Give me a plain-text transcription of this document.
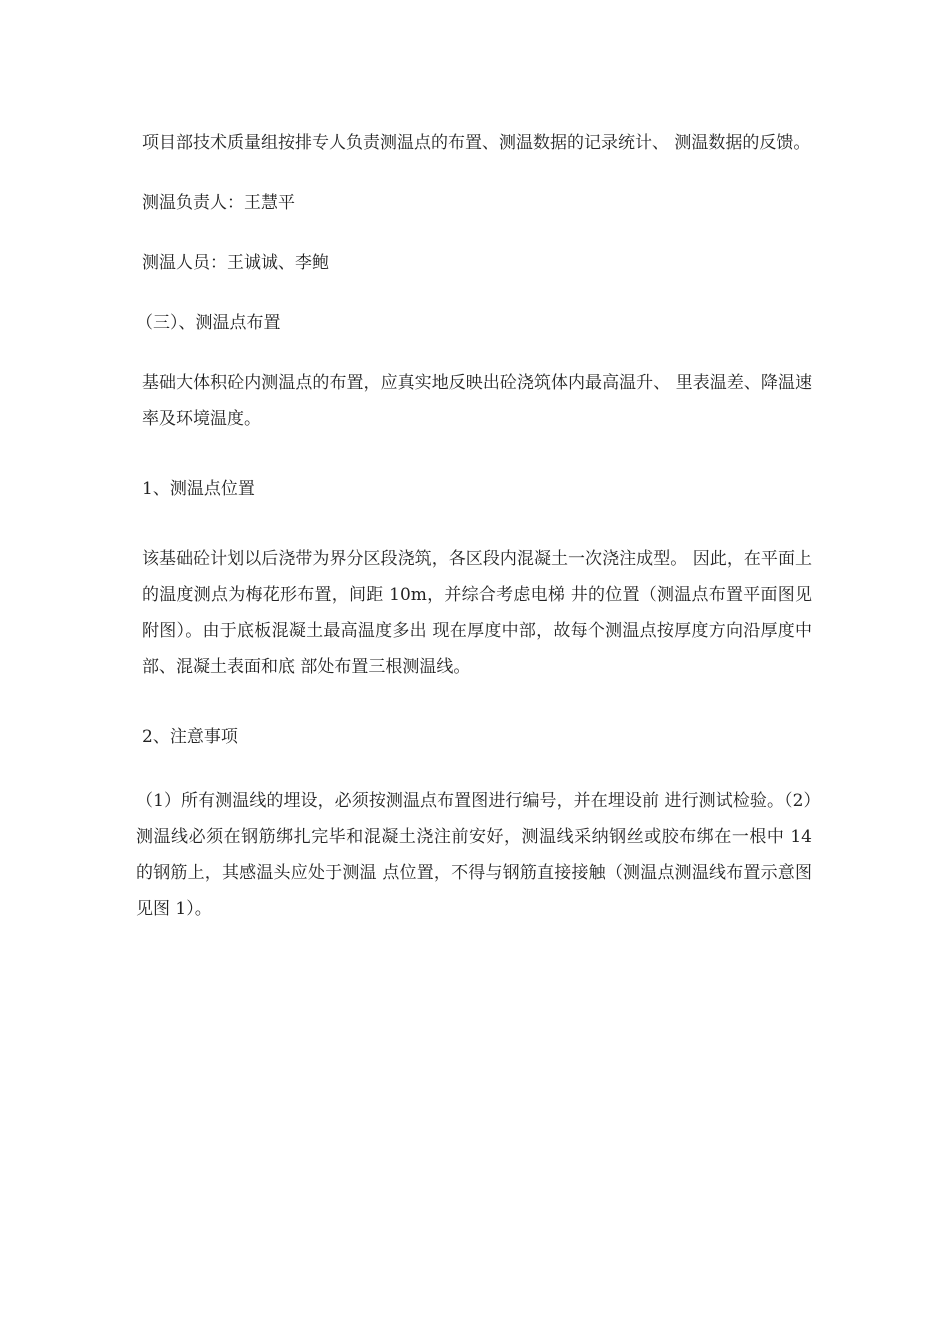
项目部技术质量组按排专人负责测温点的布置、测温数据的记录统计、 测温数据的反馈。

测温负责人：王慧平

测温人员：王诚诚、李鲍

（三）、测温点布置

基础大体积砼内测温点的布置，应真实地反映出砼浇筑体内最高温升、 里表温差、降温速率及环境温度。

1、测温点位置

该基础砼计划以后浇带为界分区段浇筑，各区段内混凝土一次浇注成型。 因此，在平面上的温度测点为梅花形布置，间距 10m，并综合考虑电梯 井的位置（测温点布置平面图见附图）。由于底板混凝土最高温度多出 现在厚度中部，故每个测温点按厚度方向沿厚度中部、混凝土表面和底 部处布置三根测温线。

2、注意事项

（1）所有测温线的埋设，必须按测温点布置图进行编号，并在埋设前 进行测试检验。（2）测温线必须在钢筋绑扎完毕和混凝土浇注前安好，测温线采纳钢丝或胶布绑在一根中 14 的钢筋上，其感温头应处于测温 点位置，不得与钢筋直接接触（测温点测温线布置示意图见图 1）。
